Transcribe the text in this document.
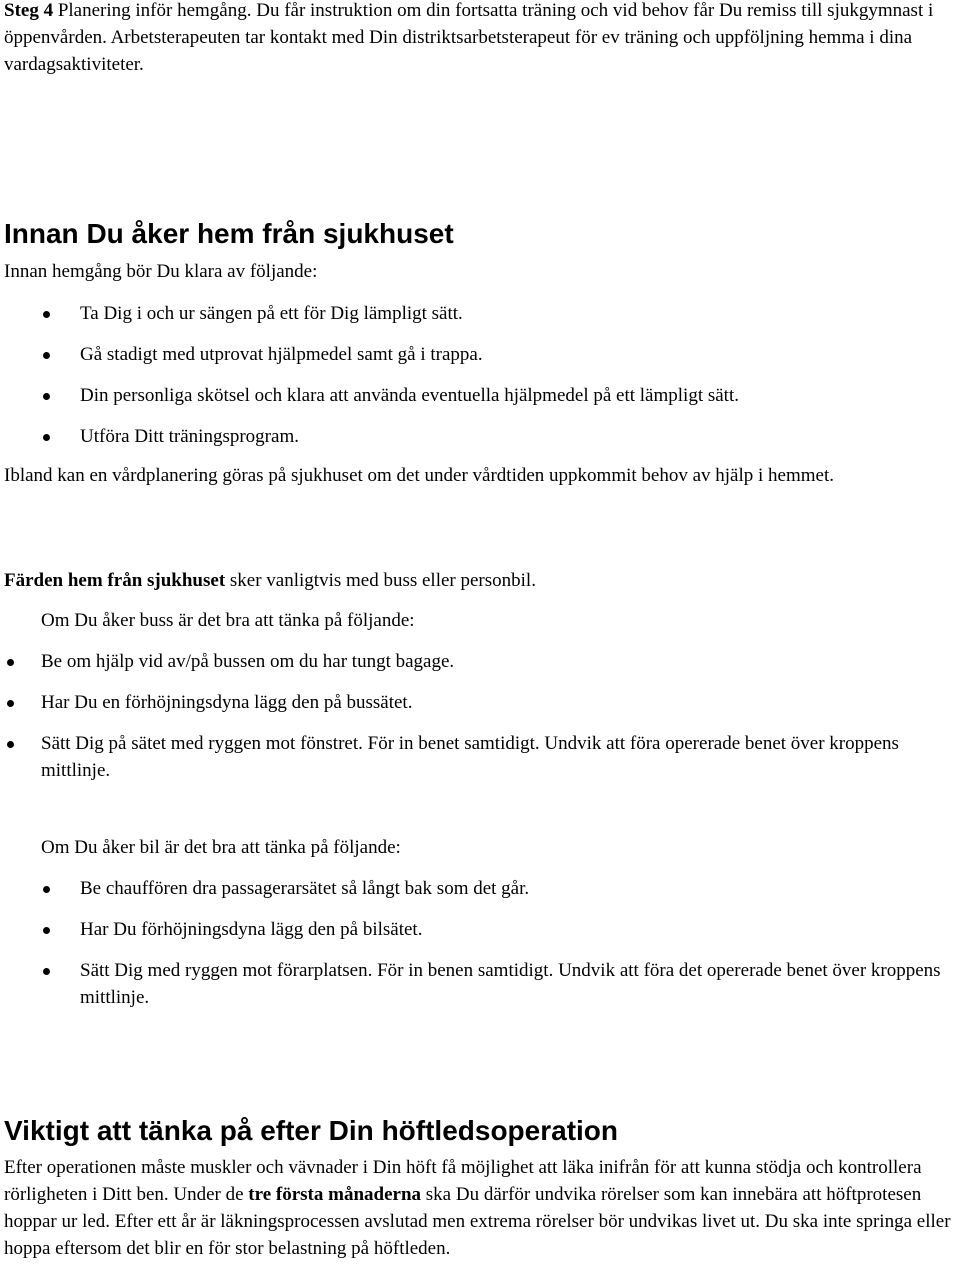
Steg 4 Planering inför hemgång. Du får instruktion om din fortsatta träning och vid behov får Du remiss till sjukgymnast i öppenvården. Arbetsterapeuten tar kontakt med Din distriktsarbetsterapeut för ev träning och uppföljning hemma i dina vardagsaktiviteter.

Innan Du åker hem från sjukhuset

Innan hemgång bör Du klara av följande:

Ta Dig i och ur sängen på ett för Dig lämpligt sätt.
Gå stadigt med utprovat hjälpmedel samt gå i trappa.
Din personliga skötsel och klara att använda eventuella hjälpmedel på ett lämpligt sätt.
Utföra Ditt träningsprogram.

Ibland kan en vårdplanering göras på sjukhuset om det under vårdtiden uppkommit behov av hjälp i hemmet.

Färden hem från sjukhuset sker vanligtvis med buss eller personbil.

Om Du åker buss är det bra att tänka på följande:

Be om hjälp vid av/på bussen om du har tungt bagage.
Har Du en förhöjningsdyna lägg den på bussätet.
Sätt Dig på sätet med ryggen mot fönstret. För in benet samtidigt. Undvik att föra opererade benet över kroppens mittlinje.

Om Du åker bil är det bra att tänka på följande:

Be chauffören dra passagerarsätet så långt bak som det går.
Har Du förhöjningsdyna lägg den på bilsätet.
Sätt Dig med ryggen mot förarplatsen. För in benen samtidigt. Undvik att föra det opererade benet över kroppens mittlinje.
Viktigt att tänka på efter Din höftledsoperation

Efter operationen måste muskler och vävnader i Din höft få möjlighet att läka inifrån för att kunna stödja och kontrollera rörligheten i Ditt ben. Under de tre första månaderna ska Du därför undvika rörelser som kan innebära att höftprotesen hoppar ur led. Efter ett år är läkningsprocessen avslutad men extrema rörelser bör undvikas livet ut. Du ska inte springa eller hoppa eftersom det blir en för stor belastning på höftleden.
